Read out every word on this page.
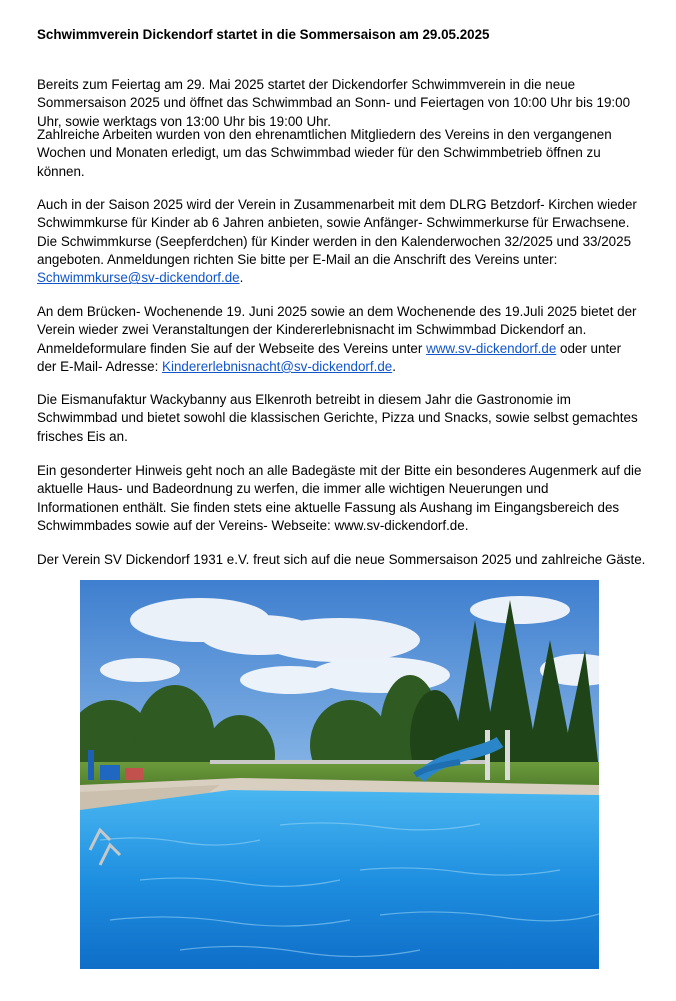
Schwimmverein Dickendorf startet in die Sommersaison am 29.05.2025

Bereits zum Feiertag am 29. Mai 2025 startet der Dickendorfer Schwimmverein in die neue
Sommersaison 2025 und öffnet das Schwimmbad an Sonn- und Feiertagen von 10:00 Uhr bis 19:00
Uhr, sowie werktags von 13:00 Uhr bis 19:00 Uhr.

Zahlreiche Arbeiten wurden von den ehrenamtlichen Mitgliedern des Vereins in den vergangenen
Wochen und Monaten erledigt, um das Schwimmbad wieder für den Schwimmbetrieb öffnen zu
können.

Auch in der Saison 2025 wird der Verein in Zusammenarbeit mit dem DLRG Betzdorf- Kirchen wieder
Schwimmkurse für Kinder ab 6 Jahren anbieten, sowie Anfänger- Schwimmerkurse für Erwachsene.
Die Schwimmkurse (Seepferdchen) für Kinder werden in den Kalenderwochen 32/2025 und 33/2025
angeboten. Anmeldungen richten Sie bitte per E-Mail an die Anschrift des Vereins unter:
Schwimmkurse@sv-dickendorf.de.

An dem Brücken- Wochenende 19. Juni 2025 sowie an dem Wochenende des 19.Juli 2025 bietet der
Verein wieder zwei Veranstaltungen der Kindererlebnisnacht im Schwimmbad Dickendorf an.
Anmeldeformulare finden Sie auf der Webseite des Vereins unter www.sv-dickendorf.de oder unter
der E-Mail- Adresse: Kindererlebnisnacht@sv-dickendorf.de.

Die Eismanufaktur Wackybanny aus Elkenroth betreibt in diesem Jahr die Gastronomie im
Schwimmbad und bietet sowohl die klassischen Gerichte, Pizza und Snacks, sowie selbst gemachtes
frisches Eis an.

Ein gesonderter Hinweis geht noch an alle Badegäste mit der Bitte ein besonderes Augenmerk auf die
aktuelle Haus- und Badeordnung zu werfen, die immer alle wichtigen Neuerungen und
Informationen enthält. Sie finden stets eine aktuelle Fassung als Aushang im Eingangsbereich des
Schwimmbades sowie auf der Vereins- Webseite: www.sv-dickendorf.de.

Der Verein SV Dickendorf 1931 e.V. freut sich auf die neue Sommersaison 2025 und zahlreiche Gäste.
